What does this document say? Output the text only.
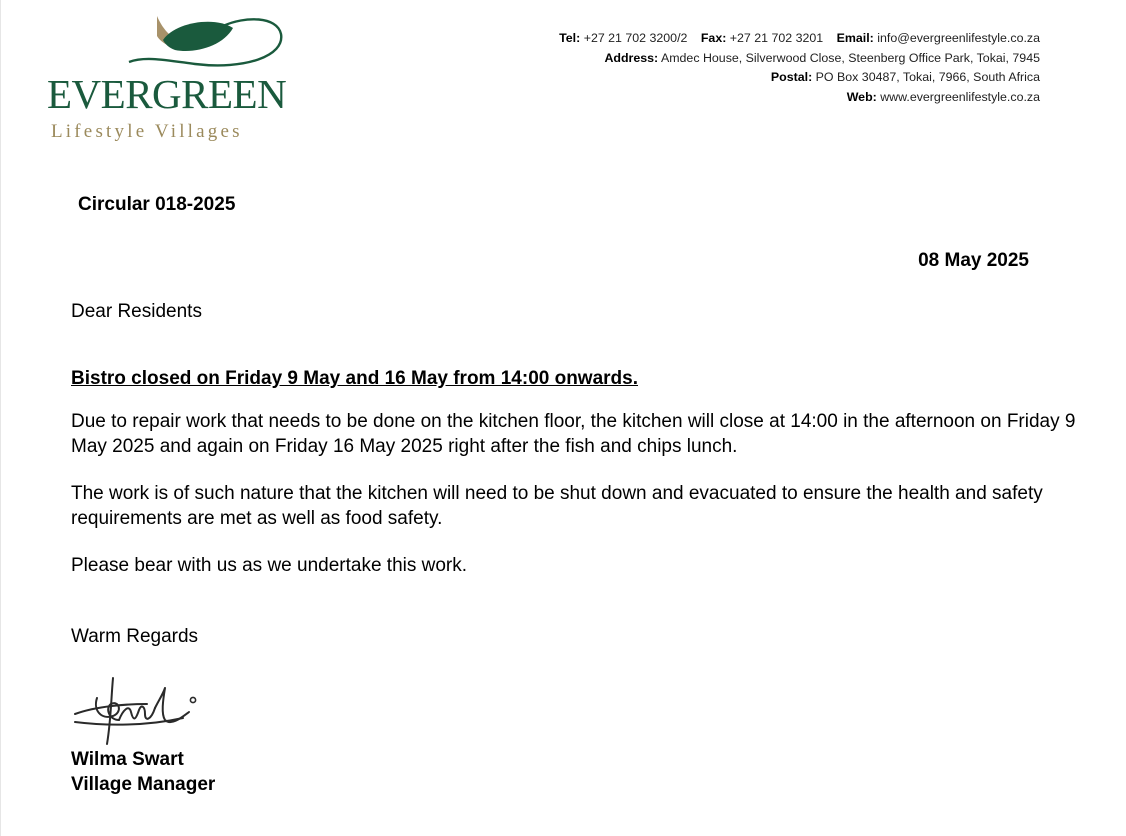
EVERGREEN
Lifestyle Villages
Tel: +27 21 702 3200/2 Fax: +27 21 702 3201 Email: info@evergreenlifestyle.co.za
Address: Amdec House, Silverwood Close, Steenberg Office Park, Tokai, 7945
Postal: PO Box 30487, Tokai, 7966, South Africa
Web: www.evergreenlifestyle.co.za
Circular 018-2025
08 May 2025
Dear Residents
Bistro closed on Friday 9 May and 16 May from 14:00 onwards.

Due to repair work that needs to be done on the kitchen floor, the kitchen will close at 14:00 in the afternoon on Friday 9 May 2025 and again on Friday 16 May 2025 right after the fish and chips lunch.

The work is of such nature that the kitchen will need to be shut down and evacuated to ensure the health and safety requirements are met as well as food safety.

Please bear with us as we undertake this work.

Warm Regards
Wilma Swart
Village Manager
